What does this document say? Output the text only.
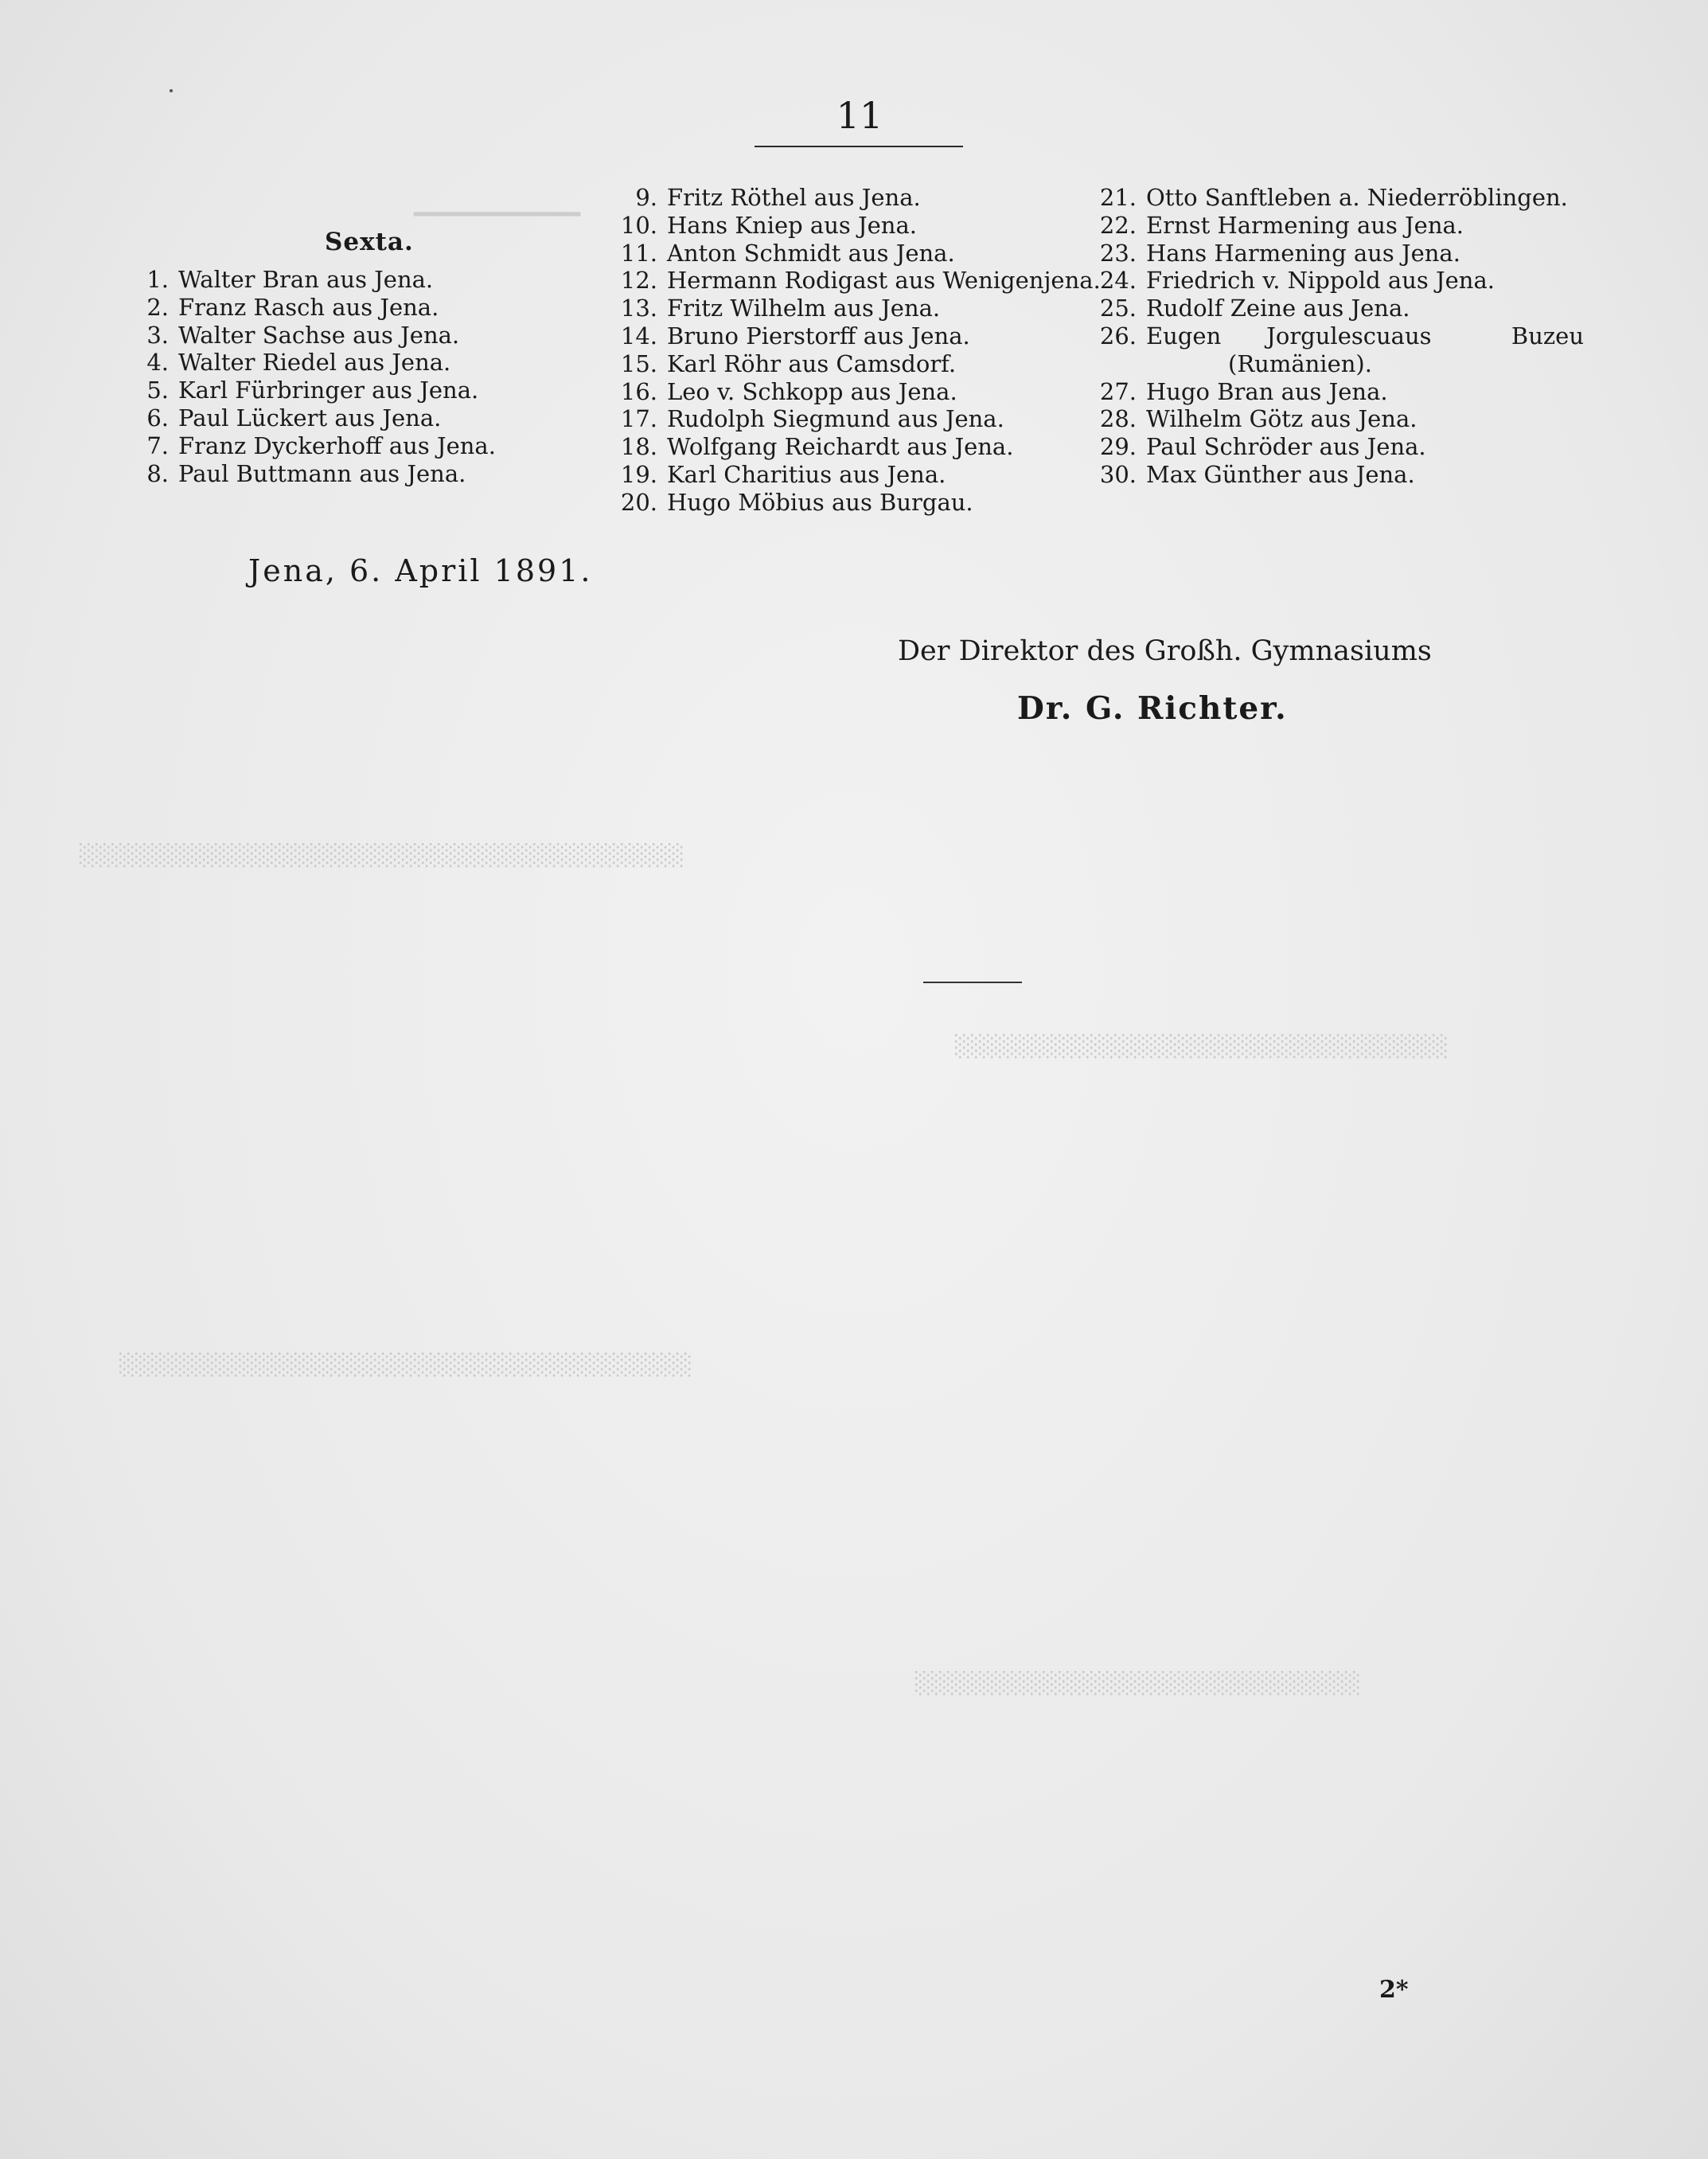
▁▁▁▁▁▁▁▁
░░░░░░░░░░░░░░░░░░░░░░░░░░░░░░░░░░░░░░
░░░░░░░░░░░░░░░░░░░░░░░░░░░░░░░
░░░░░░░░░░░░░░░░░░░░░░░░░░░░░░░░░░░░
░░░░░░░░░░░░░░░░░░░░░░░░░░░░
11
Sexta.
1. Walter Bran aus Jena.
2. Franz Rasch aus Jena.
3. Walter Sachse aus Jena.
4. Walter Riedel aus Jena.
5. Karl Fürbringer aus Jena.
6. Paul Lückert aus Jena.
7. Franz Dyckerhoff aus Jena.
8. Paul Buttmann aus Jena.
9. Fritz Röthel aus Jena.
10. Hans Kniep aus Jena.
11. Anton Schmidt aus Jena.
12. Hermann Rodigast aus Wenigenjena.
13. Fritz Wilhelm aus Jena.
14. Bruno Pierstorff aus Jena.
15. Karl Röhr aus Camsdorf.
16. Leo v. Schkopp aus Jena.
17. Rudolph Siegmund aus Jena.
18. Wolfgang Reichardt aus Jena.
19. Karl Charitius aus Jena.
20. Hugo Möbius aus Burgau.
21. Otto Sanftleben a. Niederröblingen.
22. Ernst Harmening aus Jena.
23. Hans Harmening aus Jena.
24. Friedrich v. Nippold aus Jena.
25. Rudolf Zeine aus Jena.
26. Eugen	Jorgulescu aus	Buzeu
(Rumänien).
27. Hugo Bran aus Jena.
28. Wilhelm Götz aus Jena.
29. Paul Schröder aus Jena.
30. Max Günther aus Jena.
Jena, 6. April 1891.
Der Direktor des Großh. Gymnasiums
Dr. G. Richter.
2*
